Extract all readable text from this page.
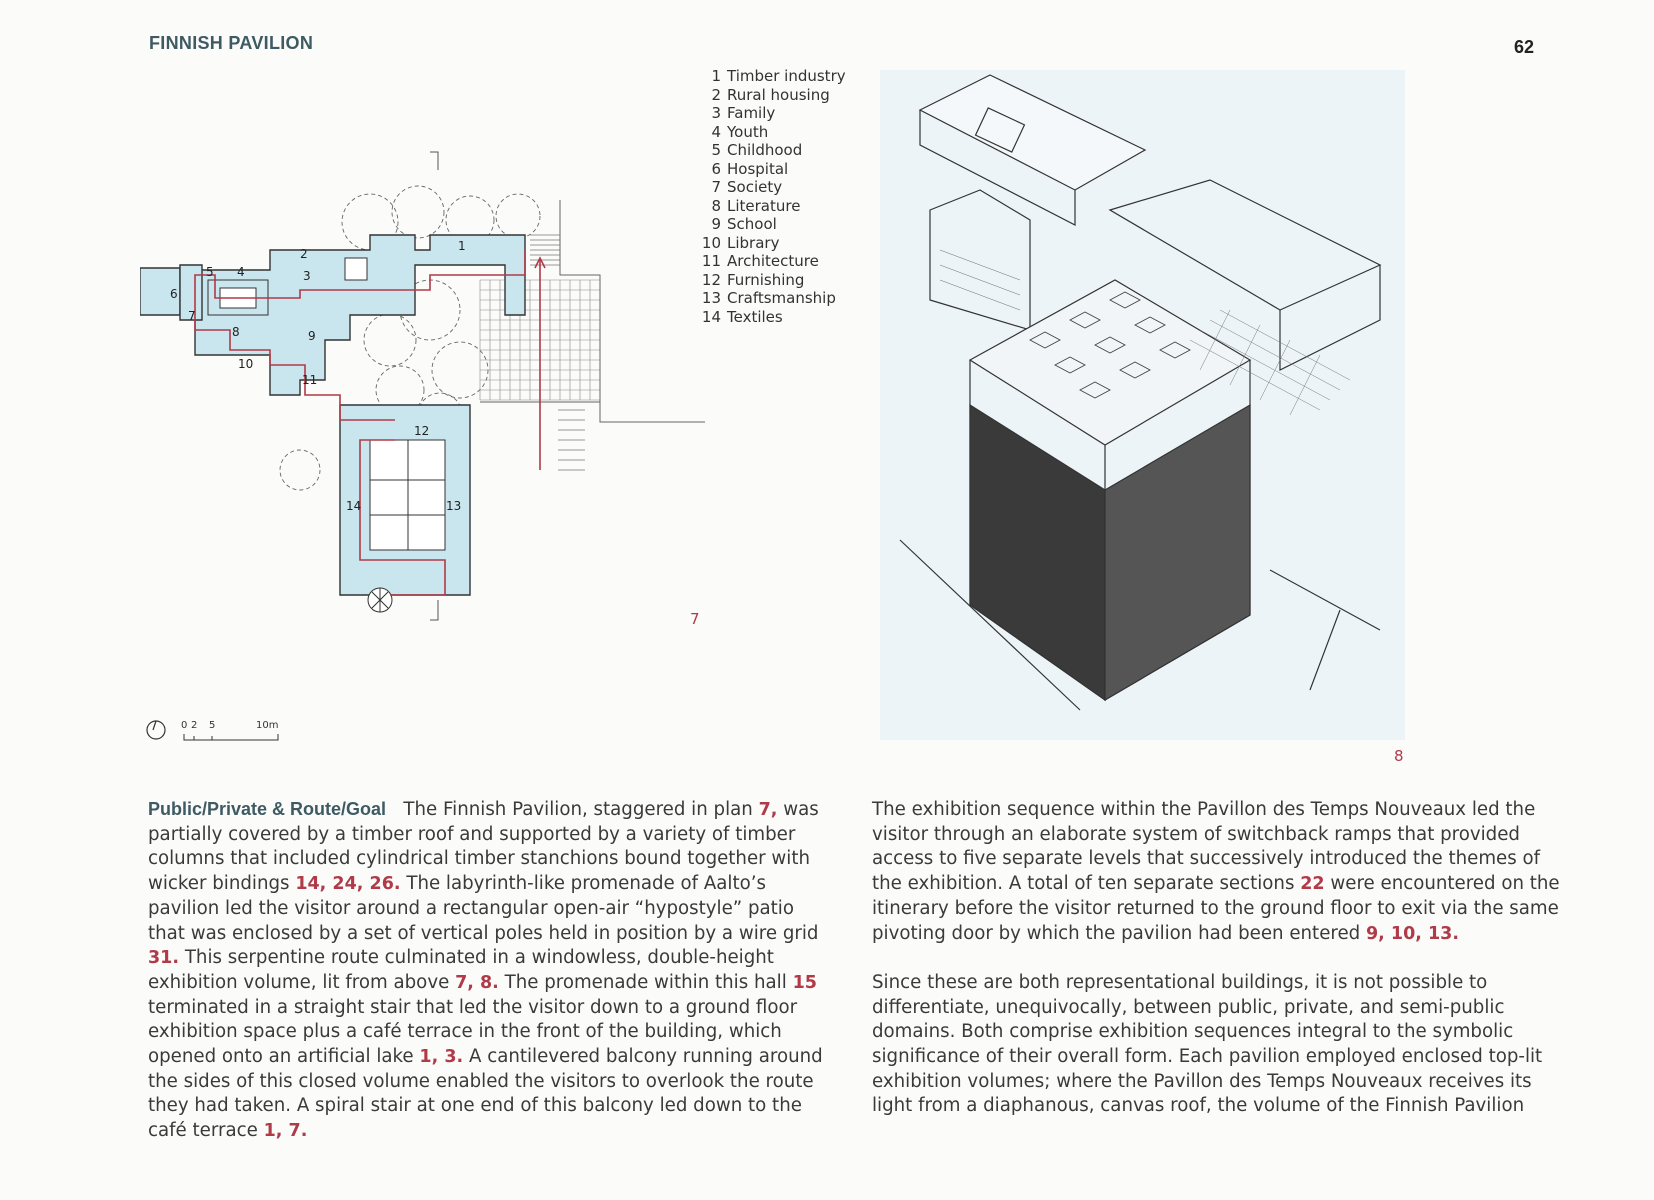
FINNISH PAVILION	62
1 Timber industry
2 Rural housing
3 Family
4 Youth
5 Childhood
6 Hospital
7 Society
8 Literature
9 School
10 Library
11 Architecture
12 Furnishing
13 Craftsmanship
14 Textiles
1
2
3
4
5
6
7
8	9
10
11
12
13
14
7
0 2 5	10m
8

Public/Private & Route/Goal The Finnish Pavilion, staggered in plan 7, was partially covered by a timber roof and supported by a variety of timber columns that included cylindrical timber stanchions bound together with wicker bindings 14, 24, 26. The labyrinth-like promenade of Aalto’s pavilion led the visitor around a rectangular open-air “hypostyle” patio that was enclosed by a set of vertical poles held in position by a wire grid 31. This serpentine route culminated in a windowless, double-height exhibition volume, lit from above 7, 8. The promenade within this hall 15 terminated in a straight stair that led the visitor down to a ground floor exhibition space plus a café terrace in the front of the building, which opened onto an artificial lake 1, 3. A cantilevered balcony running around the sides of this closed volume enabled the visitors to overlook the route they had taken. A spiral stair at one end of this balcony led down to the café terrace 1, 7.

The exhibition sequence within the Pavillon des Temps Nouveaux led the visitor through an elaborate system of switchback ramps that provided access to five separate levels that successively introduced the themes of the exhibition. A total of ten separate sections 22 were encountered on the itinerary before the visitor returned to the ground floor to exit via the same pivoting door by which the pavilion had been entered 9, 10, 13.

Since these are both representational buildings, it is not possible to differentiate, unequivocally, between public, private, and semi-public domains. Both comprise exhibition sequences integral to the symbolic significance of their overall form. Each pavilion employed enclosed top-lit exhibition volumes; where the Pavillon des Temps Nouveaux receives its light from a diaphanous, canvas roof, the volume of the Finnish Pavilion
